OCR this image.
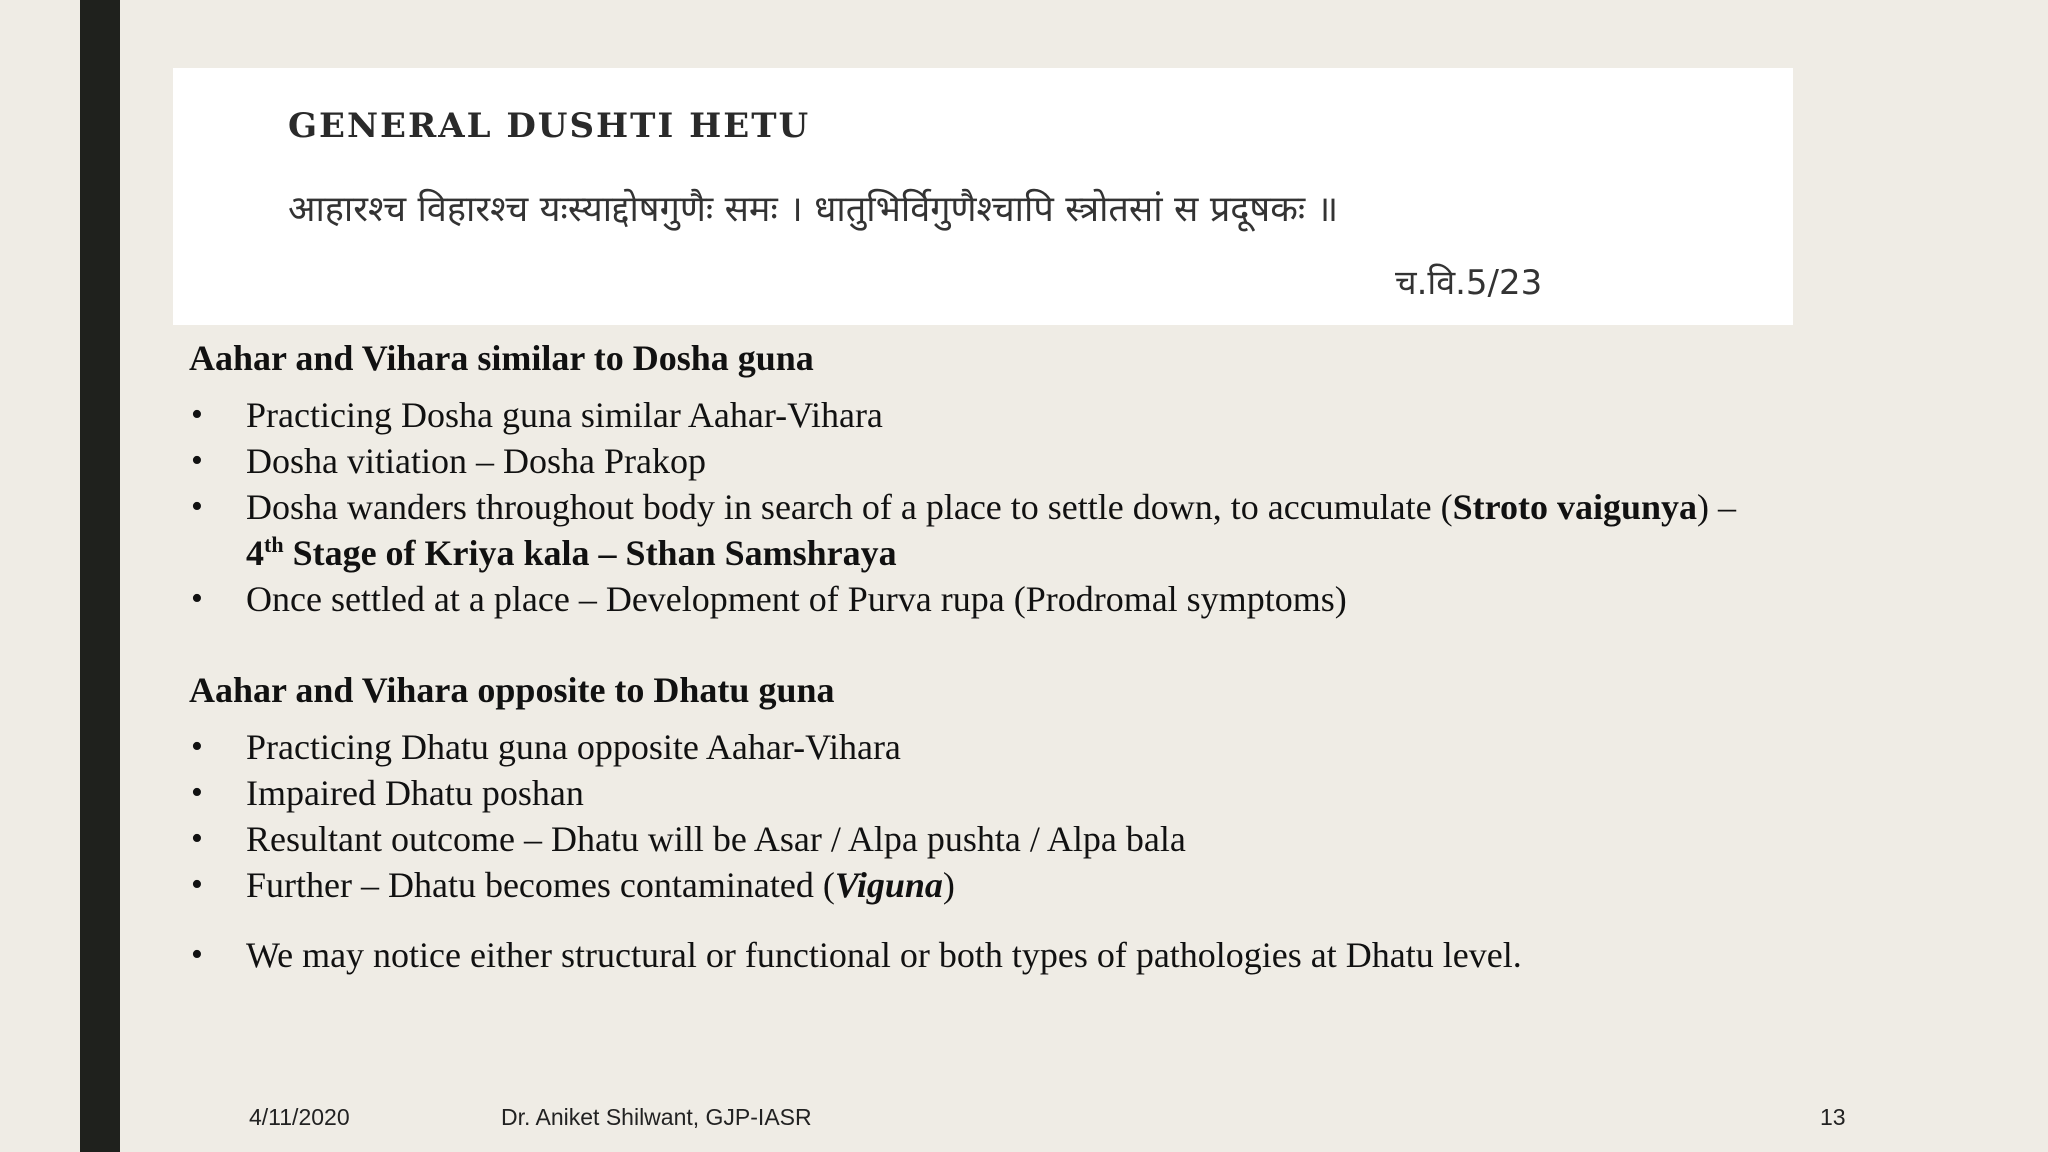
GENERAL DUSHTI HETU
आहारश्च विहारश्च यःस्याद्दोषगुणैः समः । धातुभिर्विगुणैश्चापि स्त्रोतसां स प्रदूषकः ॥
च.वि.5/23

Aahar and Vihara similar to Dosha guna

• Practicing Dosha guna similar Aahar-Vihara
• Dosha vitiation – Dosha Prakop
• Dosha wanders throughout body in search of a place to settle down, to accumulate (Stroto vaigunya) –
4th Stage of Kriya kala – Sthan Samshraya
• Once settled at a place – Development of Purva rupa (Prodromal symptoms)

Aahar and Vihara opposite to Dhatu guna

• Practicing Dhatu guna opposite Aahar-Vihara
• Impaired Dhatu poshan
• Resultant outcome – Dhatu will be Asar / Alpa pushta / Alpa bala
• Further – Dhatu becomes contaminated (Viguna)
• We may notice either structural or functional or both types of pathologies at Dhatu level.
4/11/2020	Dr. Aniket Shilwant, GJP-IASR	13
